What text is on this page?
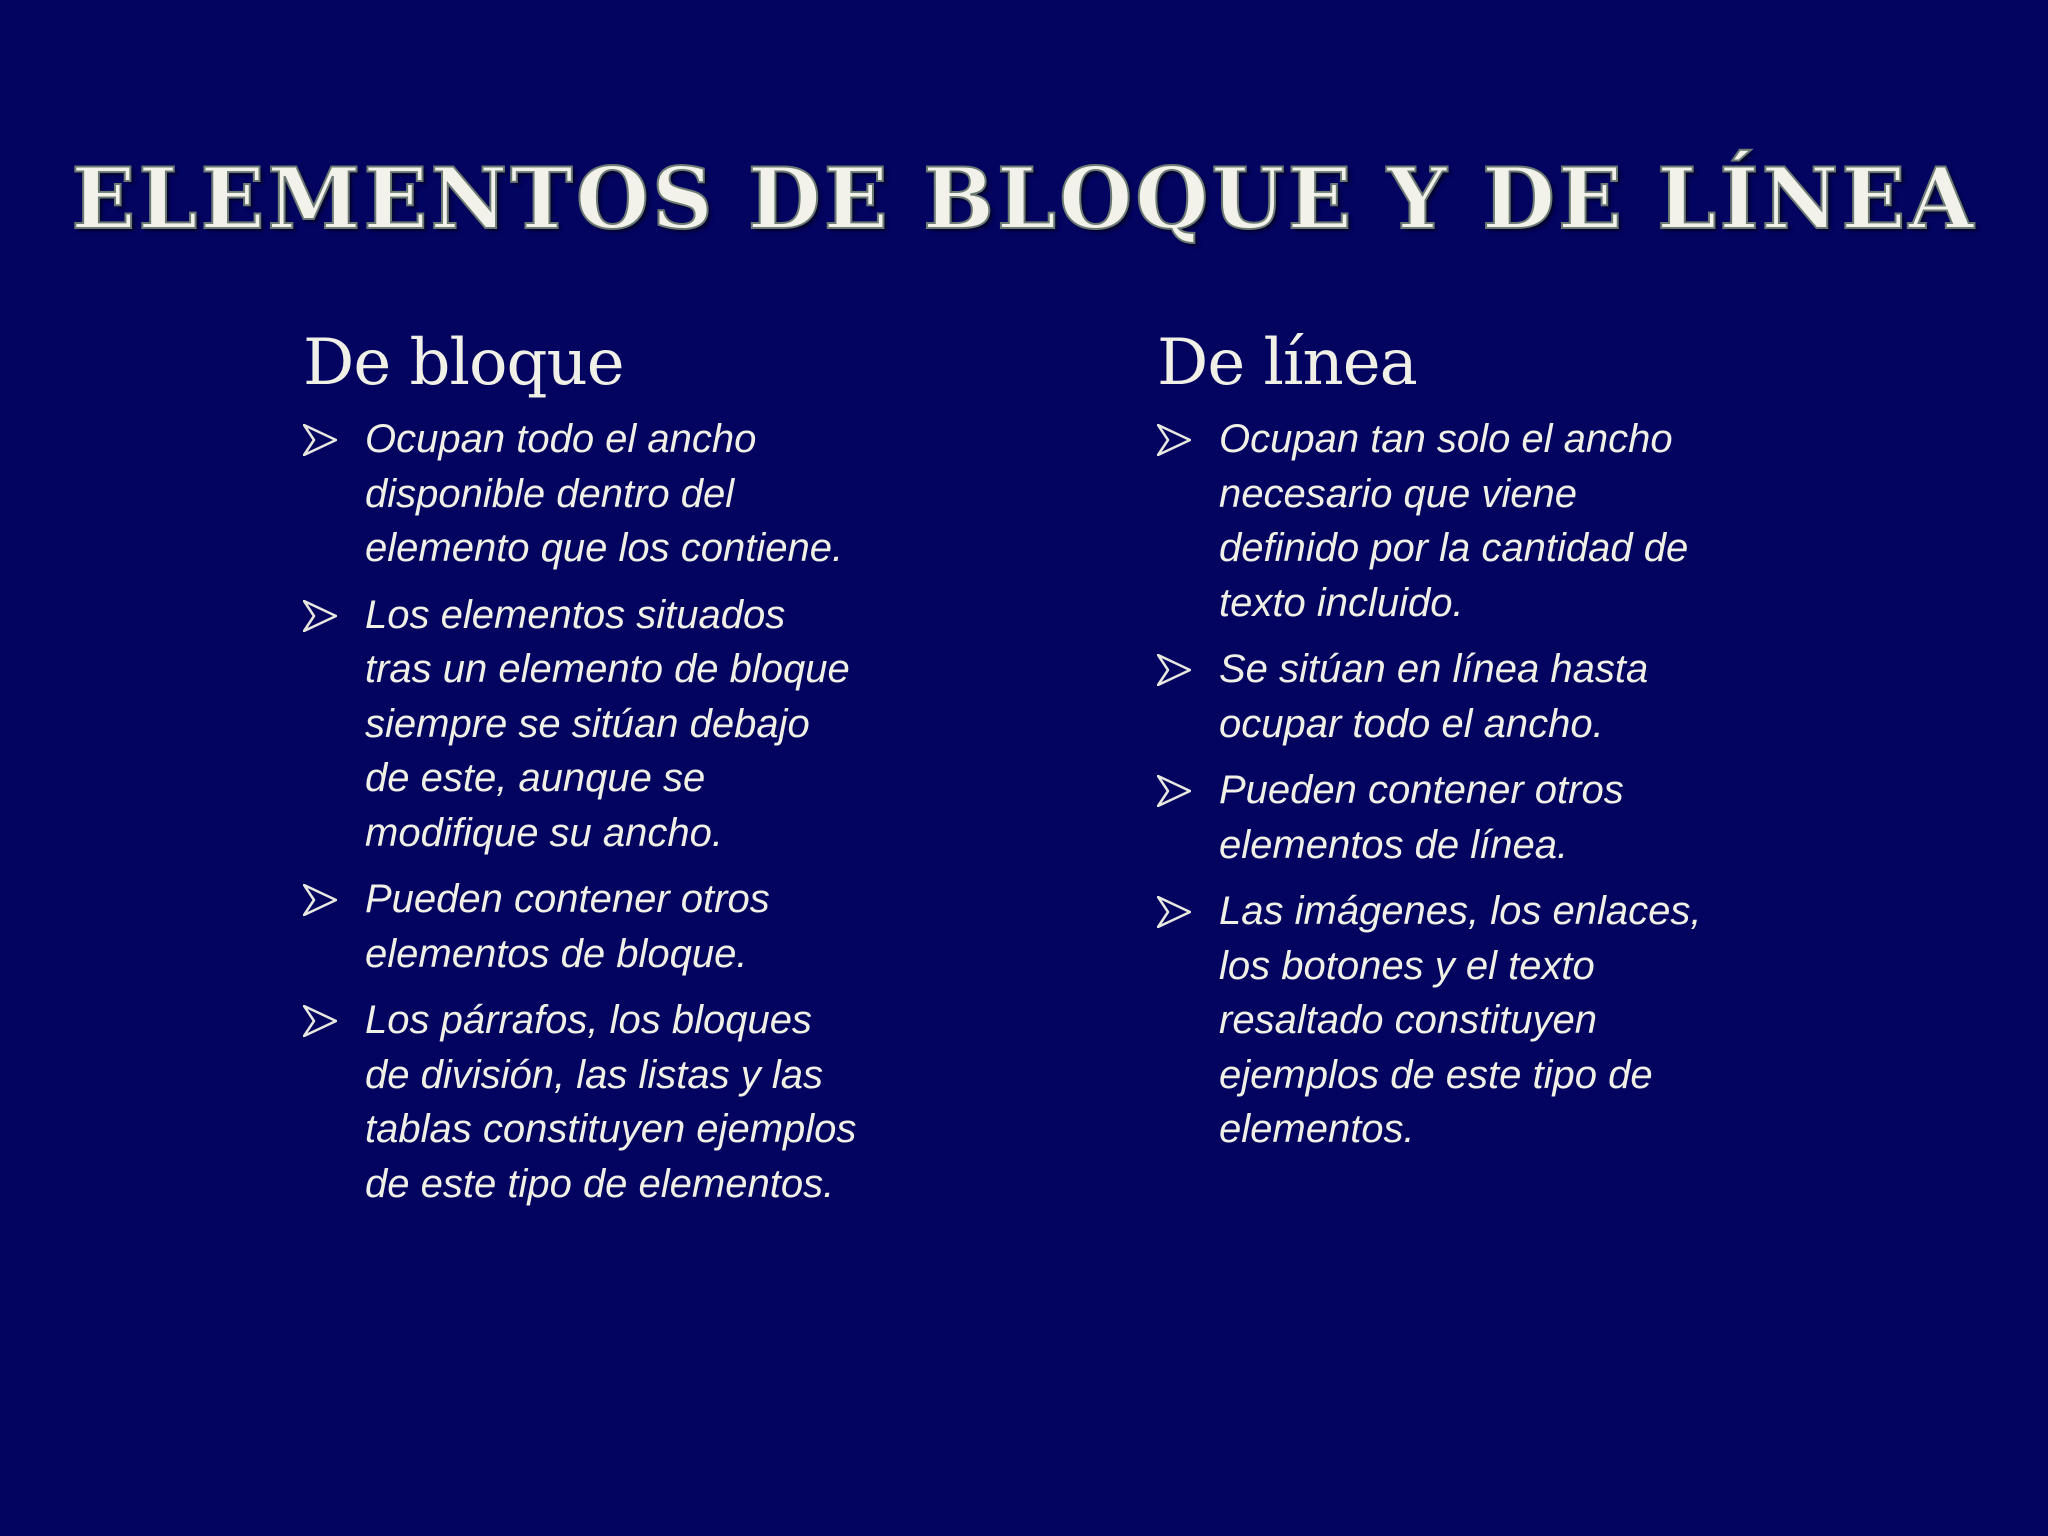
ELEMENTOS DE BLOQUE Y DE LÍNEA
De bloque
Ocupan todo el ancho disponible dentro del elemento que los contiene.
Los elementos situados tras un elemento de bloque siempre se sitúan debajo de este, aunque se modifique su ancho.
Pueden contener otros elementos de bloque.
Los párrafos, los bloques de división, las listas y las tablas constituyen ejemplos de este tipo de elementos.
De línea
Ocupan tan solo el ancho necesario que viene definido por la cantidad de texto incluido.
Se sitúan en línea hasta ocupar todo el ancho.
Pueden contener otros elementos de línea.
Las imágenes, los enlaces, los botones y el texto resaltado constituyen ejemplos de este tipo de elementos.
